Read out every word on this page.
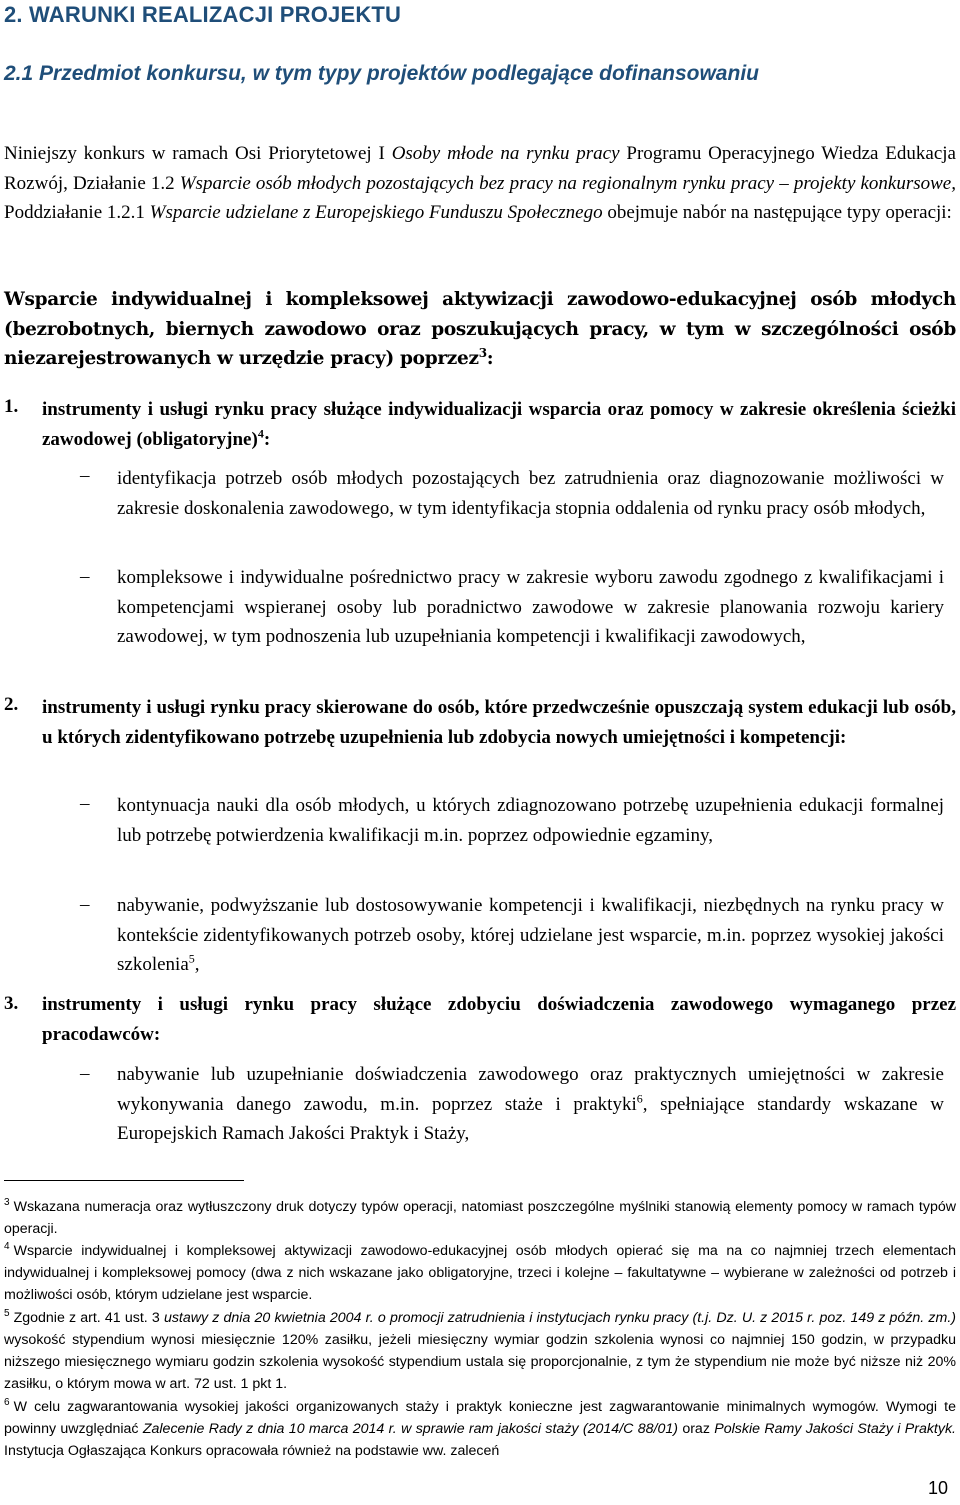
2. WARUNKI REALIZACJI PROJEKTU
2.1 Przedmiot konkursu, w tym typy projektów podlegające dofinansowaniu
Niniejszy konkurs w ramach Osi Priorytetowej I Osoby młode na rynku pracy Programu Operacyjnego Wiedza Edukacja Rozwój, Działanie 1.2 Wsparcie osób młodych pozostających bez pracy na regionalnym rynku pracy – projekty konkursowe, Poddziałanie 1.2.1 Wsparcie udzielane z Europejskiego Funduszu Społecznego obejmuje nabór na następujące typy operacji:
Wsparcie indywidualnej i kompleksowej aktywizacji zawodowo-edukacyjnej osób młodych (bezrobotnych, biernych zawodowo oraz poszukujących pracy, w tym w szczególności osób niezarejestrowanych w urzędzie pracy) poprzez$^3$:
1.	instrumenty i usługi rynku pracy służące indywidualizacji wsparcia oraz pomocy w zakresie określenia ścieżki zawodowej (obligatoryjne)$^4$:
–	identyfikacja potrzeb osób młodych pozostających bez zatrudnienia oraz diagnozowanie możliwości w zakresie doskonalenia zawodowego, w tym identyfikacja stopnia oddalenia od rynku pracy osób młodych,
–	kompleksowe i indywidualne pośrednictwo pracy w zakresie wyboru zawodu zgodnego z kwalifikacjami i kompetencjami wspieranej osoby lub poradnictwo zawodowe w zakresie planowania rozwoju kariery zawodowej, w tym podnoszenia lub uzupełniania kompetencji i kwalifikacji zawodowych,
2.	instrumenty i usługi rynku pracy skierowane do osób, które przedwcześnie opuszczają system edukacji lub osób, u których zidentyfikowano potrzebę uzupełnienia lub zdobycia nowych umiejętności i kompetencji:
–	kontynuacja nauki dla osób młodych, u których zdiagnozowano potrzebę uzupełnienia edukacji formalnej lub potrzebę potwierdzenia kwalifikacji m.in. poprzez odpowiednie egzaminy,
–	nabywanie, podwyższanie lub dostosowywanie kompetencji i kwalifikacji, niezbędnych na rynku pracy w kontekście zidentyfikowanych potrzeb osoby, której udzielane jest wsparcie, m.in. poprzez wysokiej jakości szkolenia$^5$,
3.	instrumenty i usługi rynku pracy służące zdobyciu doświadczenia zawodowego wymaganego przez pracodawców:
–	nabywanie lub uzupełnianie doświadczenia zawodowego oraz praktycznych umiejętności w zakresie wykonywania danego zawodu, m.in. poprzez staże i praktyki$^6$, spełniające standardy wskazane w Europejskich Ramach Jakości Praktyk i Staży,
$^3$ Wskazana numeracja oraz wytłuszczony druk dotyczy typów operacji, natomiast poszczególne myślniki stanowią elementy pomocy w ramach typów operacji.
$^4$ Wsparcie indywidualnej i kompleksowej aktywizacji zawodowo-edukacyjnej osób młodych opierać się ma na co najmniej trzech elementach indywidualnej i kompleksowej pomocy (dwa z nich wskazane jako obligatoryjne, trzeci i kolejne – fakultatywne – wybierane w zależności od potrzeb i możliwości osób, którym udzielane jest wsparcie.
$^5$ Zgodnie z art. 41 ust. 3 ustawy z dnia 20 kwietnia 2004 r. o promocji zatrudnienia i instytucjach rynku pracy (t.j. Dz. U. z 2015 r. poz. 149 z późn. zm.) wysokość stypendium wynosi miesięcznie 120% zasiłku, jeżeli miesięczny wymiar godzin szkolenia wynosi co najmniej 150 godzin, w przypadku niższego miesięcznego wymiaru godzin szkolenia wysokość stypendium ustala się proporcjonalnie, z tym że stypendium nie może być niższe niż 20% zasiłku, o którym mowa w art. 72 ust. 1 pkt 1.
$^6$ W celu zagwarantowania wysokiej jakości organizowanych staży i praktyk konieczne jest zagwarantowanie minimalnych wymogów. Wymogi te powinny uwzględniać Zalecenie Rady z dnia 10 marca 2014 r. w sprawie ram jakości staży (2014/C 88/01) oraz Polskie Ramy Jakości Staży i Praktyk. Instytucja Ogłaszająca Konkurs opracowała również na podstawie ww. zaleceń
10
